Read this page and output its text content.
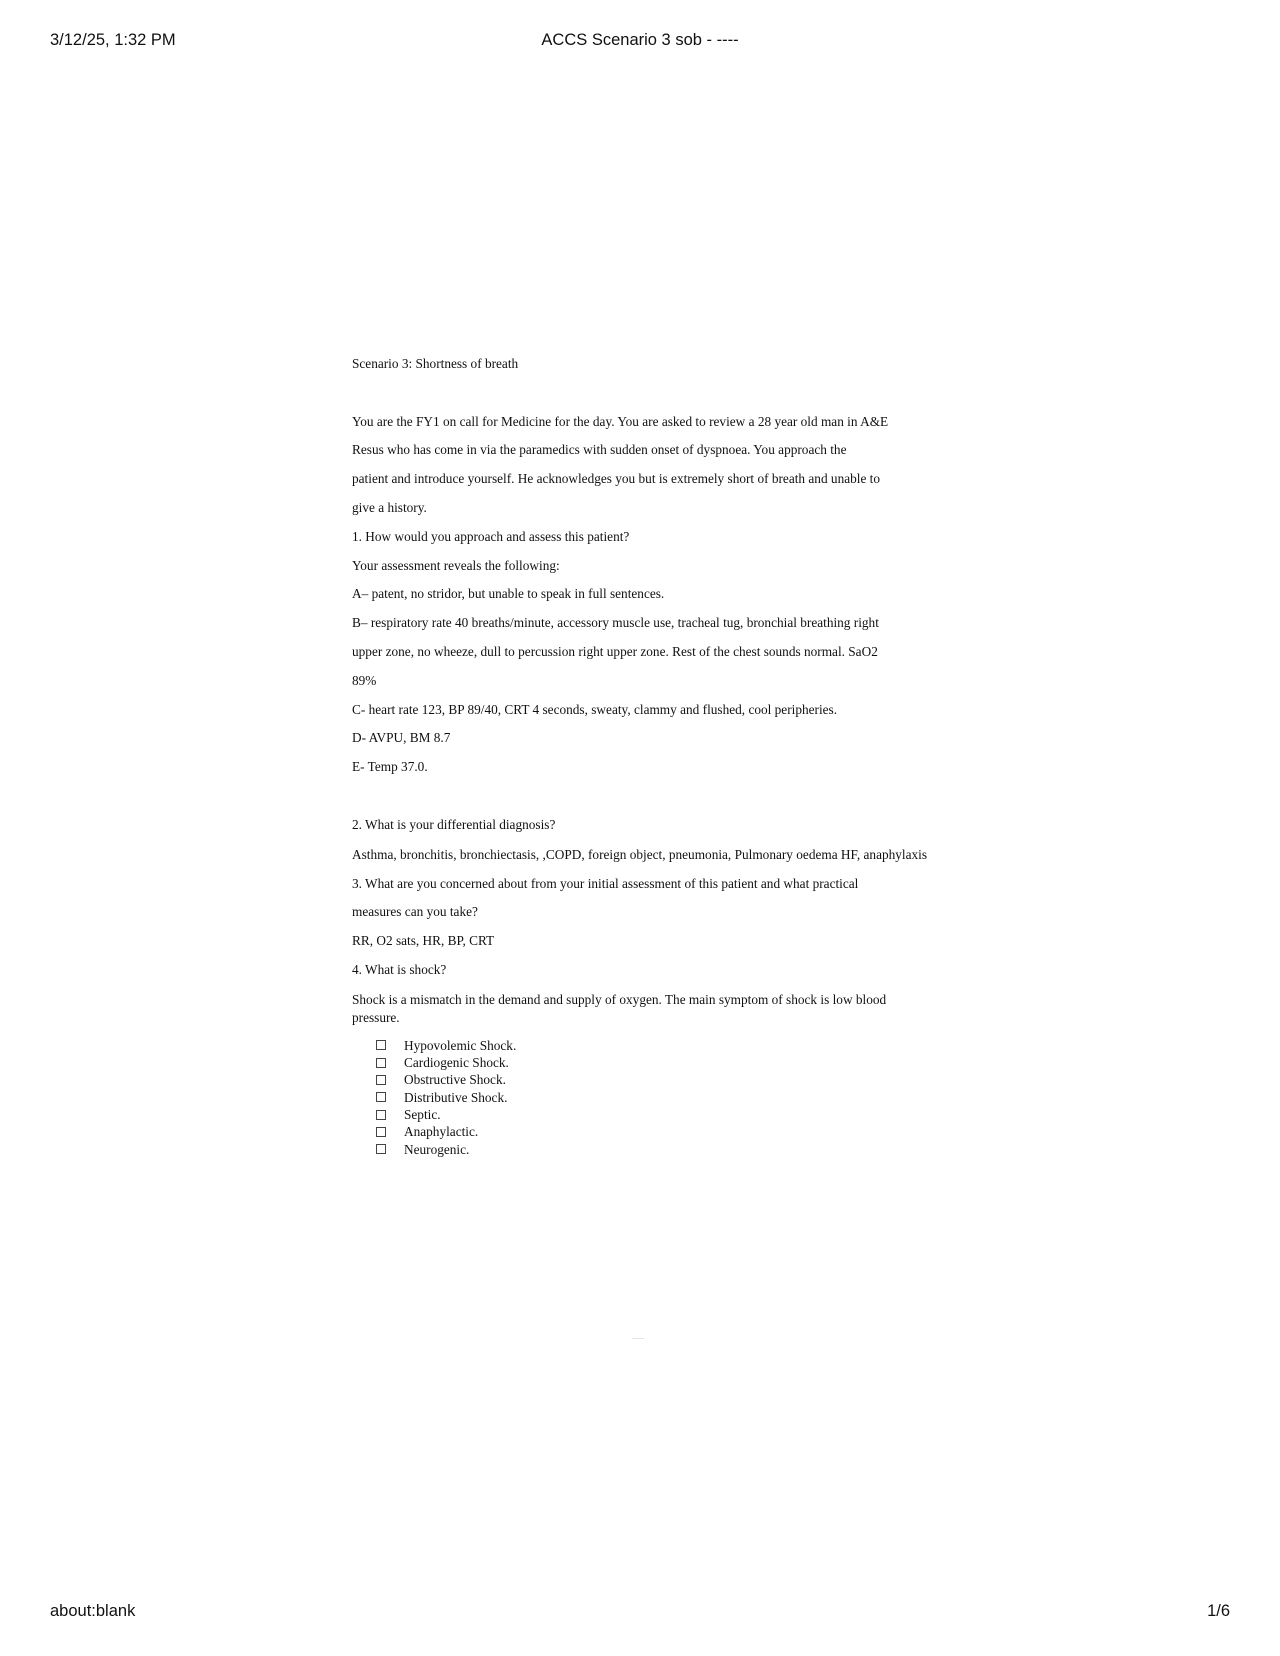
3/12/25, 1:32 PM	ACCS Scenario 3 sob - ----

Scenario 3: Shortness of breath

You are the FY1 on call for Medicine for the day. You are asked to review a 28 year old man in A&E

Resus who has come in via the paramedics with sudden onset of dyspnoea. You approach the

patient and introduce yourself. He acknowledges you but is extremely short of breath and unable to

give a history.

1. How would you approach and assess this patient?

Your assessment reveals the following:

A– patent, no stridor, but unable to speak in full sentences.

B– respiratory rate 40 breaths/minute, accessory muscle use, tracheal tug, bronchial breathing right

upper zone, no wheeze, dull to percussion right upper zone. Rest of the chest sounds normal. SaO2

89%

C- heart rate 123, BP 89/40, CRT 4 seconds, sweaty, clammy and flushed, cool peripheries.

D- AVPU, BM 8.7

E- Temp 37.0.

2. What is your differential diagnosis?

Asthma, bronchitis, bronchiectasis, ,COPD, foreign object, pneumonia, Pulmonary oedema HF, anaphylaxis

3. What are you concerned about from your initial assessment of this patient and what practical

measures can you take?

RR, O2 sats, HR, BP, CRT

4. What is shock?

Shock is a mismatch in the demand and supply of oxygen. The main symptom of shock is low blood pressure.

Hypovolemic Shock.
Cardiogenic Shock.
Obstructive Shock.
Distributive Shock.
Septic.
Anaphylactic.
Neurogenic.
about:blank	1/6
